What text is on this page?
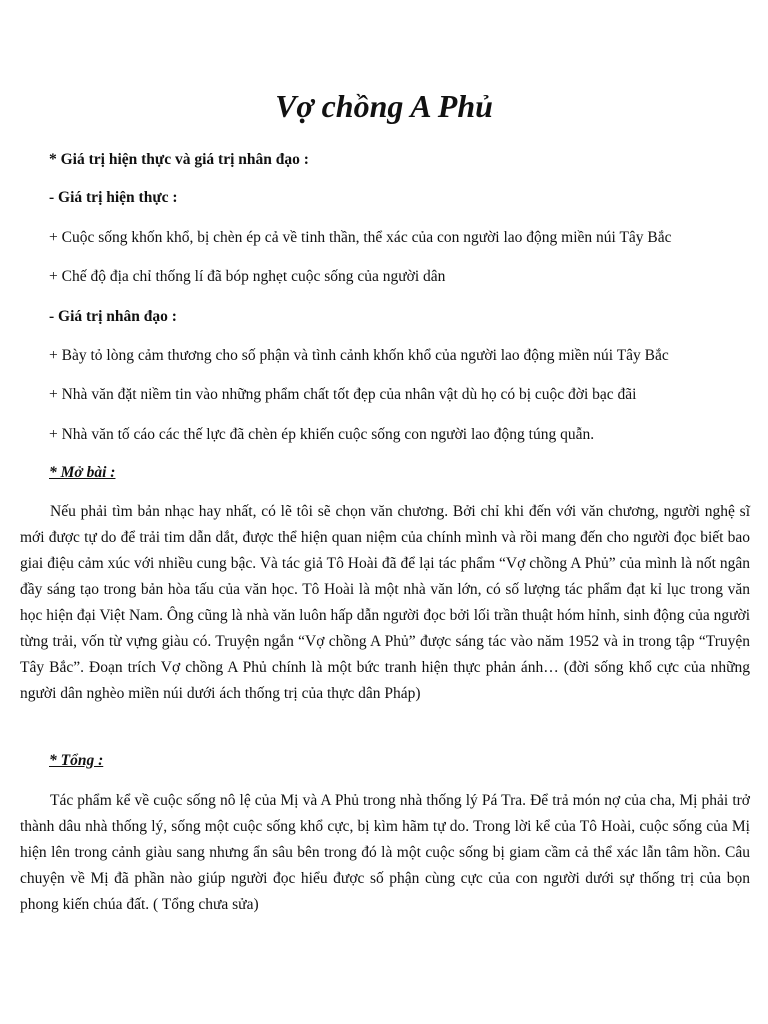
Vợ chồng A Phủ

* Giá trị hiện thực và giá trị nhân đạo :

- Giá trị hiện thực :

+ Cuộc sống khốn khổ, bị chèn ép cả về tinh thần, thể xác của con người lao động miền núi Tây Bắc

+ Chế độ địa chỉ thống lí đã bóp nghẹt cuộc sống của người dân

- Giá trị nhân đạo :

+ Bày tỏ lòng cảm thương cho số phận và tình cảnh khốn khổ của người lao động miền núi Tây Bắc

+ Nhà văn đặt niềm tin vào những phẩm chất tốt đẹp của nhân vật dù họ có bị cuộc đời bạc đãi

+ Nhà văn tố cáo các thế lực đã chèn ép khiến cuộc sống con người lao động túng quẫn.

* Mở bài :

Nếu phải tìm bản nhạc hay nhất, có lẽ tôi sẽ chọn văn chương. Bởi chỉ khi đến với văn chương, người nghệ sĩ mới được tự do để trải tim dẫn dắt, được thể hiện quan niệm của chính mình và rồi mang đến cho người đọc biết bao giai điệu cảm xúc với nhiều cung bậc. Và tác giả Tô Hoài đã để lại tác phẩm “Vợ chồng A Phủ” của mình là nốt ngân đầy sáng tạo trong bản hòa tấu của văn học. Tô Hoài là một nhà văn lớn, có số lượng tác phẩm đạt kỉ lục trong văn học hiện đại Việt Nam. Ông cũng là nhà văn luôn hấp dẫn người đọc bởi lối trần thuật hóm hỉnh, sinh động của người từng trải, vốn từ vựng giàu có. Truyện ngắn “Vợ chồng A Phủ” được sáng tác vào năm 1952 và in trong tập “Truyện Tây Bắc”. Đoạn trích Vợ chồng A Phủ chính là một bức tranh hiện thực phản ánh… (đời sống khổ cực của những người dân nghèo miền núi dưới ách thống trị của thực dân Pháp)

* Tổng :

Tác phẩm kể về cuộc sống nô lệ của Mị và A Phủ trong nhà thống lý Pá Tra. Để trả món nợ của cha, Mị phải trở thành dâu nhà thống lý, sống một cuộc sống khổ cực, bị kìm hãm tự do. Trong lời kể của Tô Hoài, cuộc sống của Mị hiện lên trong cảnh giàu sang nhưng ẩn sâu bên trong đó là một cuộc sống bị giam cầm cả thể xác lẫn tâm hồn. Câu chuyện về Mị đã phần nào giúp người đọc hiểu được số phận cùng cực của con người dưới sự thống trị của bọn phong kiến chúa đất. ( Tổng chưa sửa)
